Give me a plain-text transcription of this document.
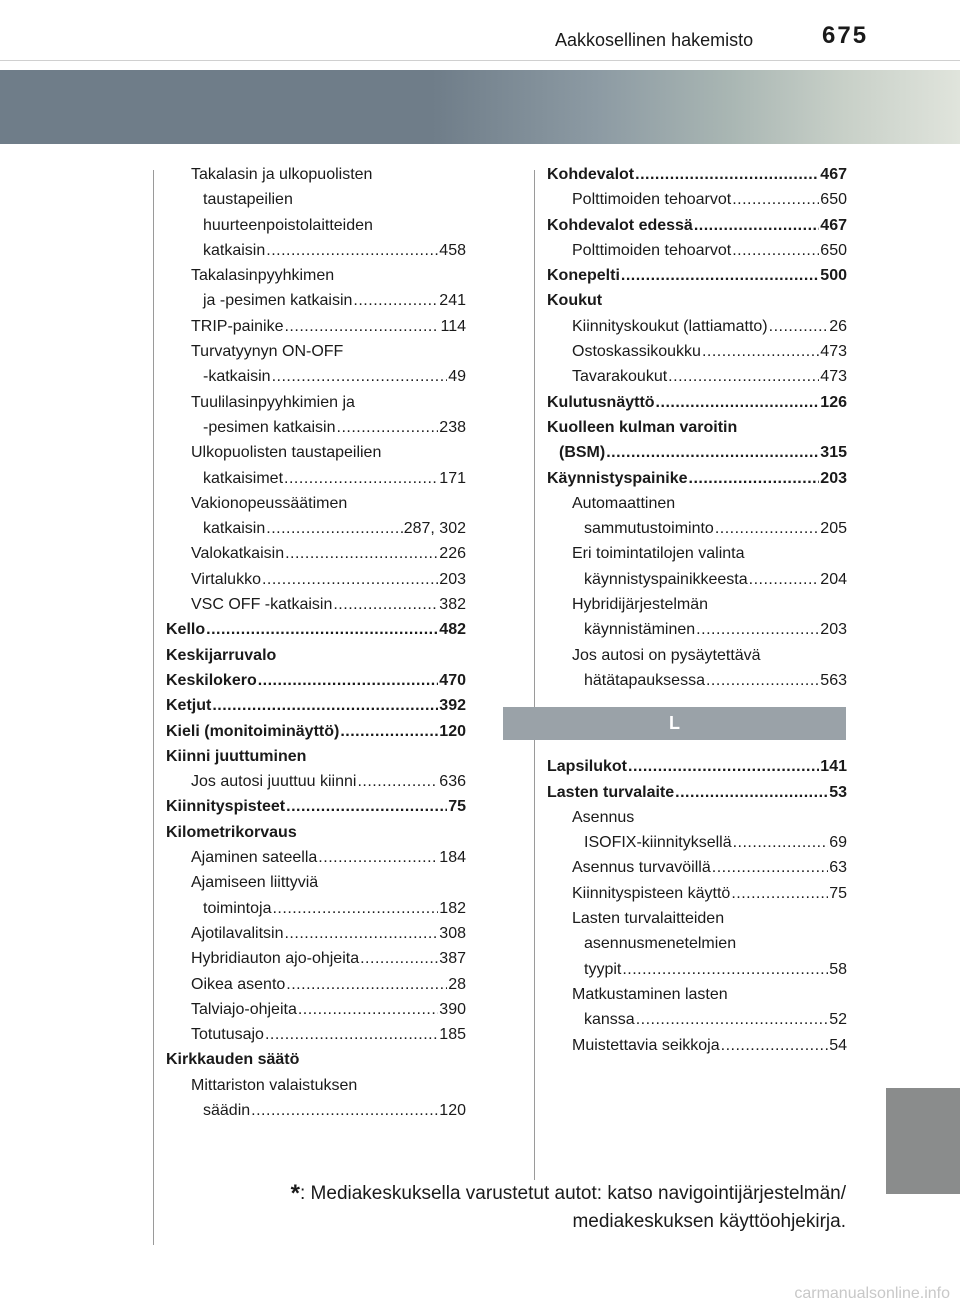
675
Aakkosellinen hakemisto
Takalasin ja ulkopuolisten
taustapeilien
huurteenpoistolaitteiden
katkaisin .....	458
Takalasinpyyhkimen
ja -pesimen katkaisin .....	241
TRIP-painike .....	114
Turvatyynyn ON-OFF
-katkaisin .....	49
Tuulilasinpyyhkimien ja
-pesimen katkaisin .....	238
Ulkopuolisten taustapeilien
katkaisimet .....	171
Vakionopeussäätimen
katkaisin .....	287, 302
Valokatkaisin .....	226
Virtalukko .....	203
VSC OFF -katkaisin .....	382
Kello .....	482
Keskijarruvalo
Keskilokero .....	470
Ketjut .....	392
Kieli (monitoiminäyttö) .....	120
Kiinni juuttuminen
Jos autosi juuttuu kiinni .....	636
Kiinnityspisteet .....	75
Kilometrikorvaus
Ajaminen sateella .....	184
Ajamiseen liittyviä
toimintoja .....	182
Ajotilavalitsin .....	308
Hybridiauton ajo-ohjeita .....	387
Oikea asento .....	28
Talviajo-ohjeita .....	390
Totutusajo .....	185
Kirkkauden säätö
Mittariston valaistuksen
säädin .....	120
Kohdevalot .....	467
Polttimoiden tehoarvot .....	650
Kohdevalot edessä .....	467
Polttimoiden tehoarvot .....	650
Konepelti .....	500
Koukut
Kiinnityskoukut (lattiamatto) .....	26
Ostoskassikoukku .....	473
Tavarakoukut .....	473
Kulutusnäyttö .....	126
Kuolleen kulman varoitin
(BSM) .....	315
Käynnistyspainike .....	203
Automaattinen
sammutustoiminto .....	205
Eri toimintatilojen valinta
käynnistyspainikkeesta .....	204
Hybridijärjestelmän
käynnistäminen .....	203
Jos autosi on pysäytettävä
hätätapauksessa .....	563
L
Lapsilukot .....	141
Lasten turvalaite .....	53
Asennus
ISOFIX-kiinnityksellä .....	69
Asennus turvavöillä .....	63
Kiinnityspisteen käyttö .....	75
Lasten turvalaitteiden
asennusmenetelmien
tyypit .....	58
Matkustaminen lasten
kanssa .....	52
Muistettavia seikkoja .....	54
*: Mediakeskuksella varustetut autot: katso navigointijärjestelmän/
mediakeskuksen käyttöohjekirja.
carmanualsonline.info
